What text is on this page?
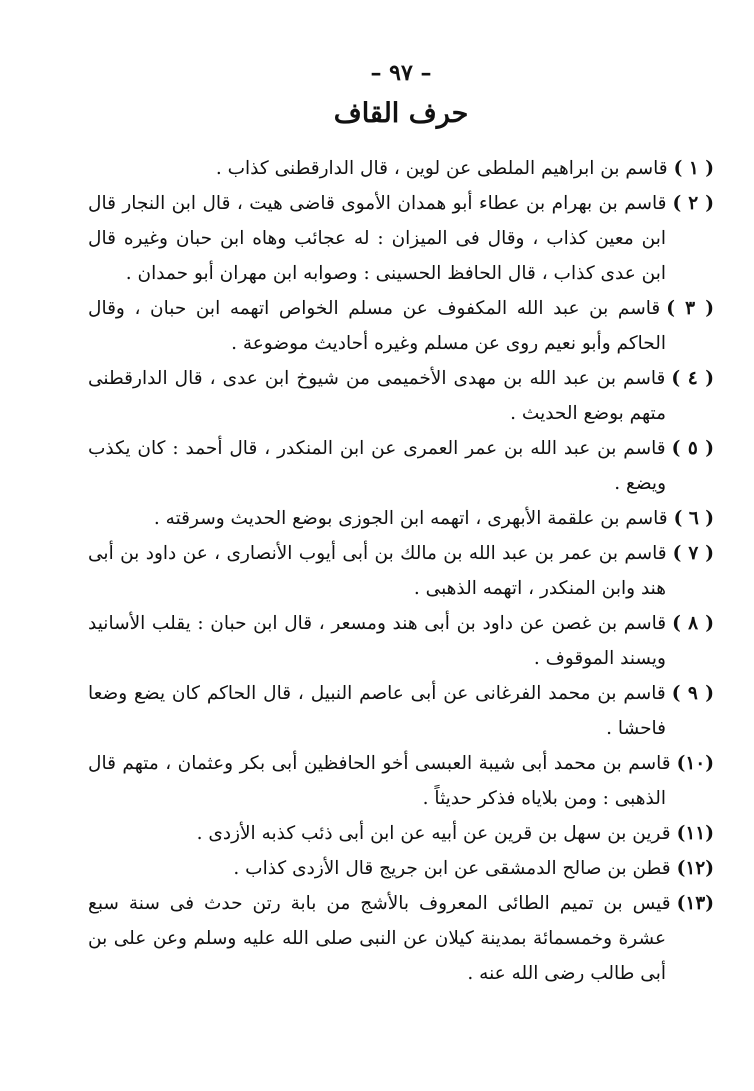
– ٩٧ –
حرف القاف
( ١ )قاسم بن ابراهيم الملطى عن لوين ، قال الدارقطنى كذاب .
( ٢ )قاسم بن بهرام بن عطاء أبو همدان الأموى قاضى هيت ، قال ابن النجار قال ابن معين كذاب ، وقال فى الميزان : له عجائب وهاه ابن حبان وغيره قال ابن عدى كذاب ، قال الحافظ الحسينى : وصوابه ابن مهران أبو حمدان .
( ٣ )قاسم بن عبد الله المكفوف عن مسلم الخواص اتهمه ابن حبان ، وقال الحاكم وأبو نعيم روى عن مسلم وغيره أحاديث موضوعة .
( ٤ )قاسم بن عبد الله بن مهدى الأخميمى من شيوخ ابن عدى ، قال الدارقطنى متهم بوضع الحديث .
( ٥ )قاسم بن عبد الله بن عمر العمرى عن ابن المنكدر ، قال أحمد : كان يكذب ويضع .
( ٦ )قاسم بن علقمة الأبهرى ، اتهمه ابن الجوزى بوضع الحديث وسرقته .
( ٧ )قاسم بن عمر بن عبد الله بن مالك بن أبى أيوب الأنصارى ، عن داود بن أبى هند وابن المنكدر ، اتهمه الذهبى .
( ٨ )قاسم بن غصن عن داود بن أبى هند ومسعر ، قال ابن حبان : يقلب الأسانيد ويسند الموقوف .
( ٩ )قاسم بن محمد الفرغانى عن أبى عاصم النبيل ، قال الحاكم كان يضع وضعا فاحشا .
(١٠)قاسم بن محمد أبى شيبة العبسى أخو الحافظين أبى بكر وعثمان ، متهم قال الذهبى : ومن بلاياه فذكر حديثاً .
(١١)قرين بن سهل بن قرين عن أبيه عن ابن أبى ذئب كذبه الأزدى .
(١٢)قطن بن صالح الدمشقى عن ابن جريج قال الأزدى كذاب .
(١٣)قيس بن تميم الطائى المعروف بالأشج من بابة رتن حدث فى سنة سبع عشرة وخمسمائة بمدينة كيلان عن النبى صلى الله عليه وسلم وعن على بن أبى طالب رضى الله عنه .
